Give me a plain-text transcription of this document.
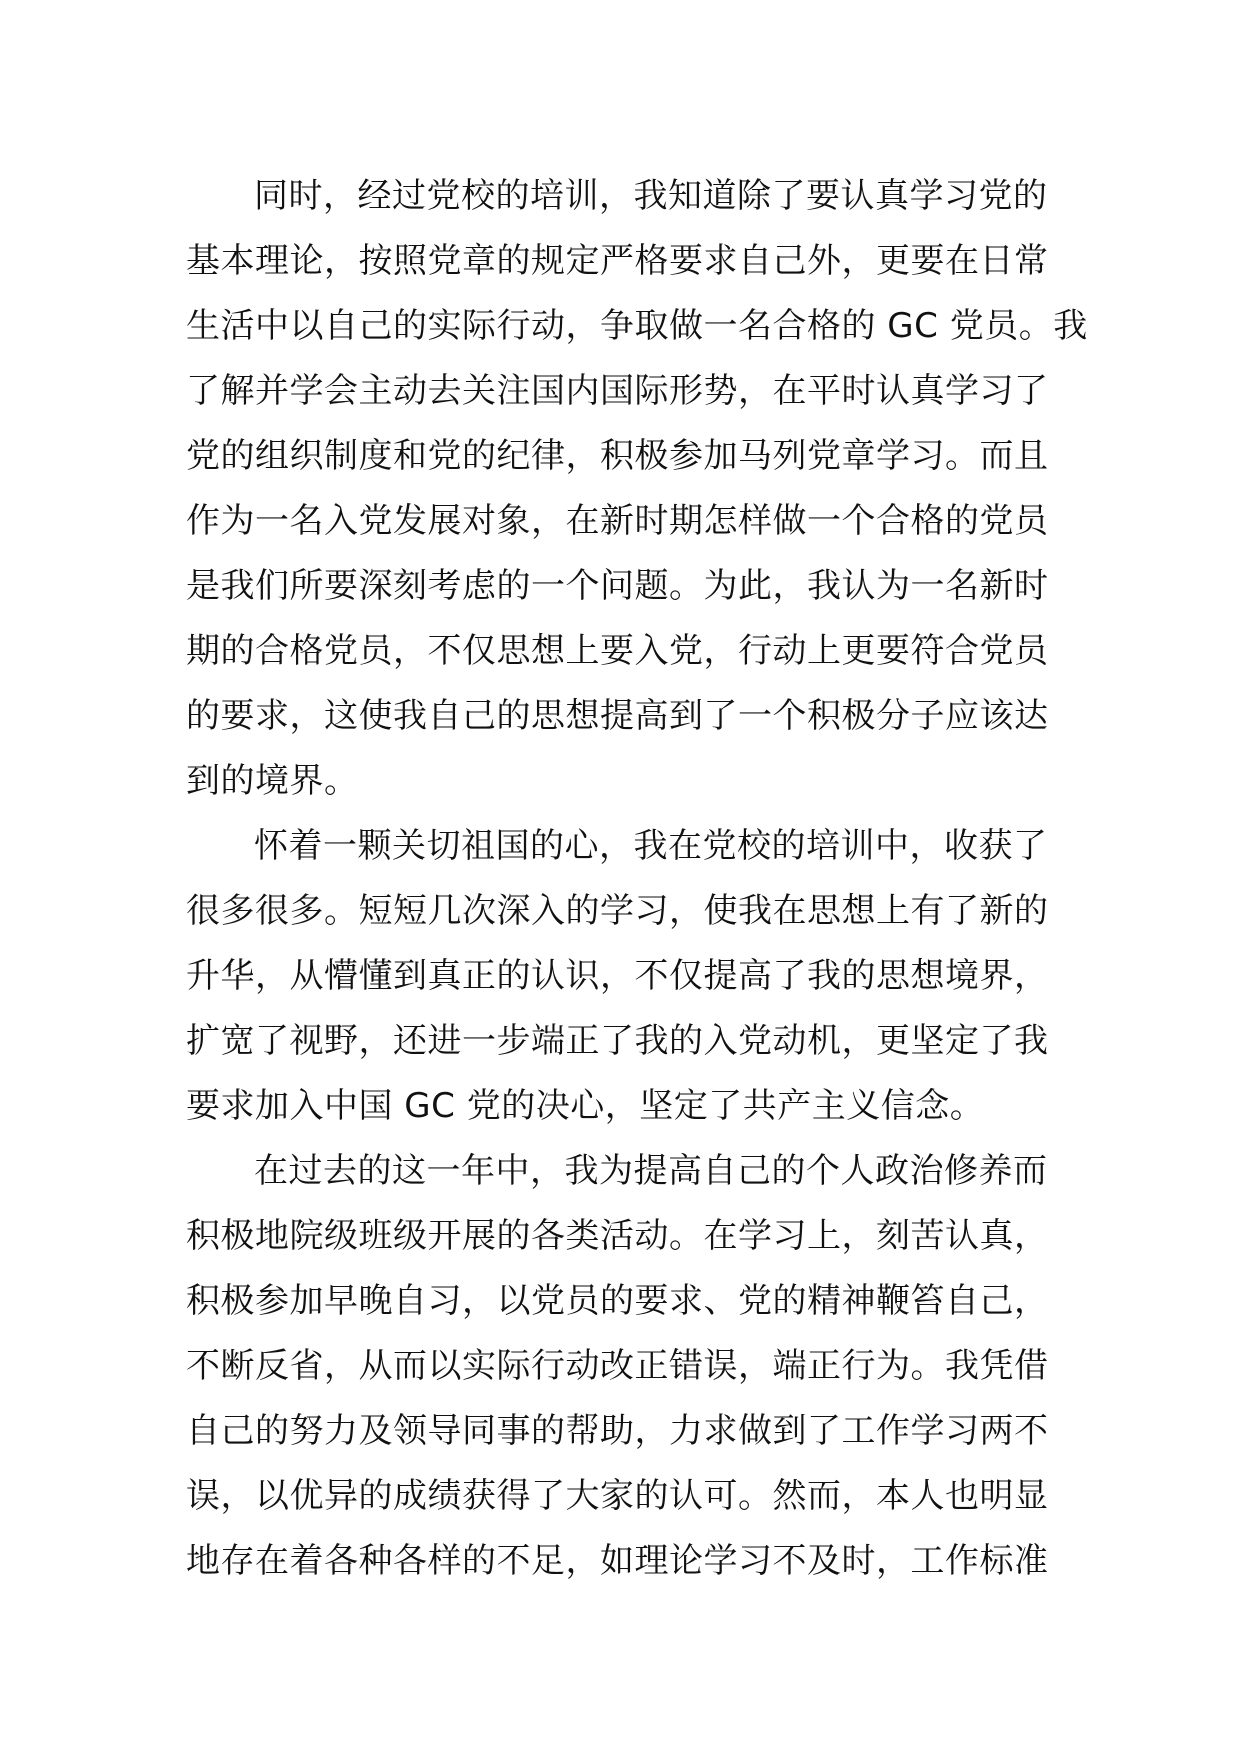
同时，经过党校的培训，我知道除了要认真学习党的
基本理论，按照党章的规定严格要求自己外，更要在日常
生活中以自己的实际行动，争取做一名合格的 GC 党员。我
了解并学会主动去关注国内国际形势，在平时认真学习了
党的组织制度和党的纪律，积极参加马列党章学习。而且
作为一名入党发展对象，在新时期怎样做一个合格的党员
是我们所要深刻考虑的一个问题。为此，我认为一名新时
期的合格党员，不仅思想上要入党，行动上更要符合党员
的要求，这使我自己的思想提高到了一个积极分子应该达
到的境界。
怀着一颗关切祖国的心，我在党校的培训中，收获了
很多很多。短短几次深入的学习，使我在思想上有了新的
升华，从懵懂到真正的认识，不仅提高了我的思想境界，
扩宽了视野，还进一步端正了我的入党动机，更坚定了我
要求加入中国 GC 党的决心，坚定了共产主义信念。
在过去的这一年中，我为提高自己的个人政治修养而
积极地院级班级开展的各类活动。在学习上，刻苦认真，
积极参加早晚自习，以党员的要求、党的精神鞭笞自己，
不断反省，从而以实际行动改正错误，端正行为。我凭借
自己的努力及领导同事的帮助，力求做到了工作学习两不
误，以优异的成绩获得了大家的认可。然而，本人也明显
地存在着各种各样的不足，如理论学习不及时，工作标准
